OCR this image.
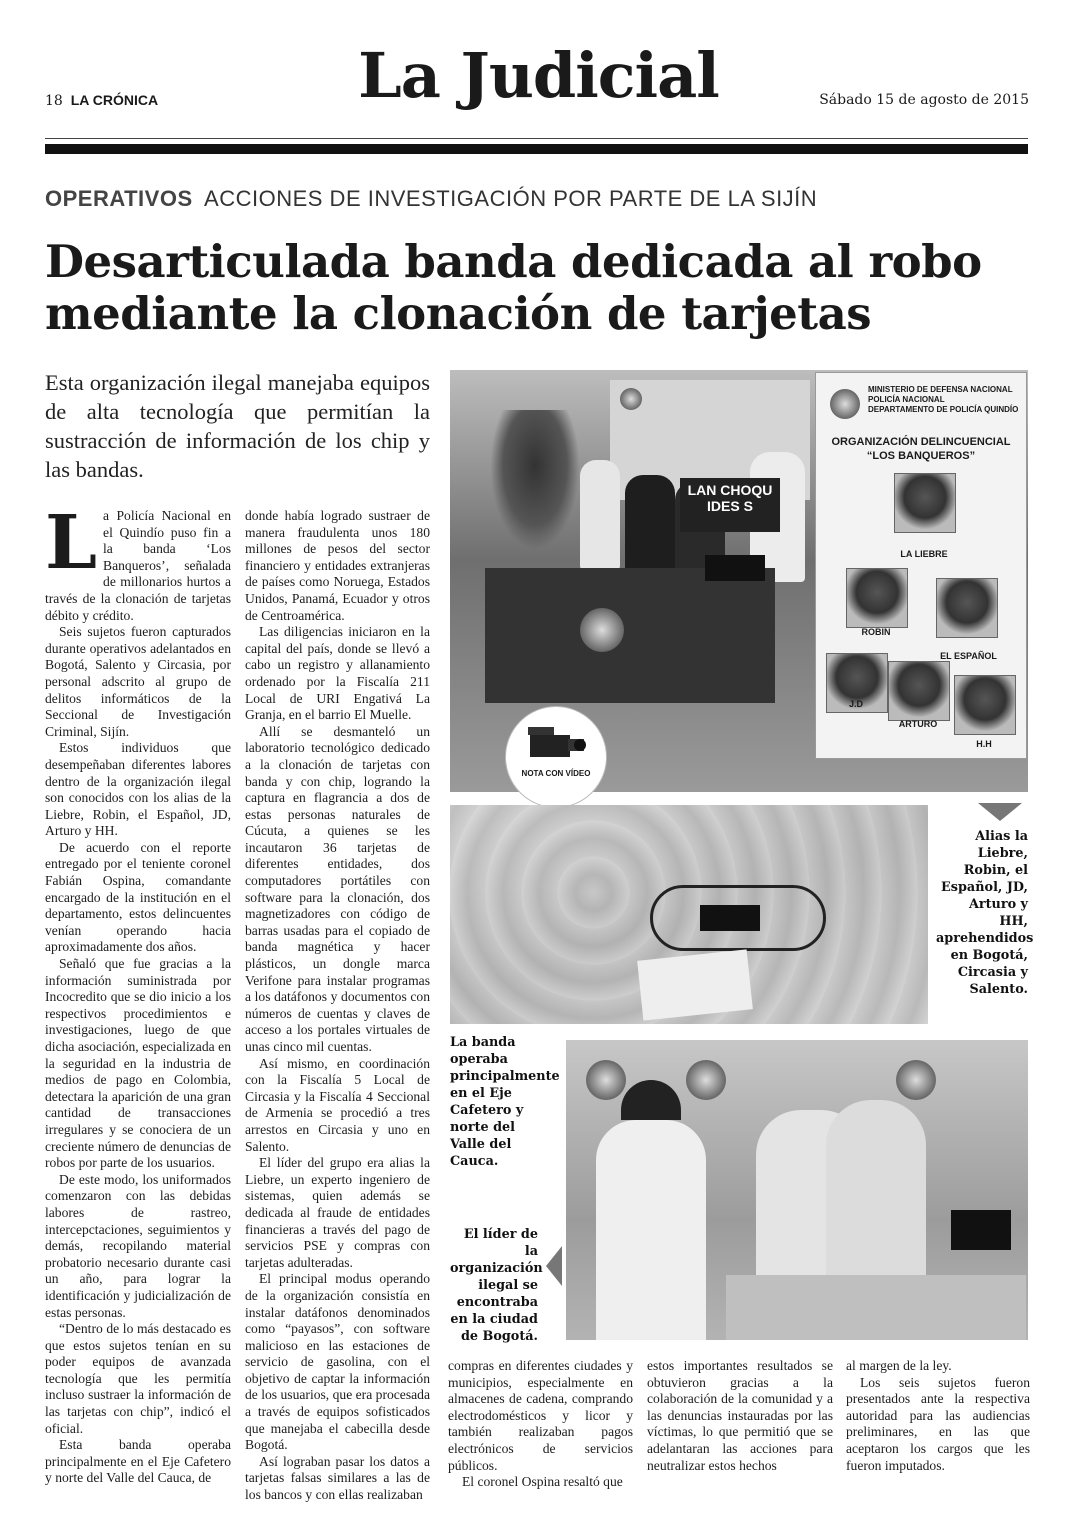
18 LA CRÓNICA	La Judicial	Sábado 15 de agosto de 2015
OPERATIVOS ACCIONES DE INVESTIGACIÓN POR PARTE DE LA SIJÍN
Desarticulada banda dedicada al robo
mediante la clonación de tarjetas
Esta organización ilegal manejaba equipos de alta tecnología que permitían la sustracción de información de los chip y las bandas.
L a Policía Nacional en el Quindío puso fin a la banda ‘Los Banqueros’, señalada de millonarios hurtos a través de la clonación de tarjetas débito y crédito.

Seis sujetos fueron capturados durante operativos adelantados en Bogotá, Salento y Circasia, por personal adscrito al grupo de delitos informáticos de la Seccional de Investigación Criminal, Sijín.

Estos individuos que desempeñaban diferentes labores dentro de la organización ilegal son conocidos con los alias de la Liebre, Robin, el Español, JD, Arturo y HH.

De acuerdo con el reporte entregado por el teniente coronel Fabián Ospina, comandante encargado de la institución en el departamento, estos delincuentes venían operando hacia aproximadamente dos años.

Señaló que fue gracias a la información suministrada por Incocredito que se dio inicio a los respectivos procedimientos e investigaciones, luego de que dicha asociación, especializada en la seguridad en la industria de medios de pago en Colombia, detectara la aparición de una gran cantidad de transacciones irregulares y se conociera de un creciente número de denuncias de robos por parte de los usuarios.

De este modo, los uniformados comenzaron con las debidas labores de rastreo, intercepctaciones, seguimientos y demás, recopilando material probatorio necesario durante casi un año, para lograr la identificación y judicialización de estas personas.

“Dentro de lo más destacado es que estos sujetos tenían en su poder equipos de avanzada tecnología que les permitía incluso sustraer la información de las tarjetas con chip”, indicó el oficial.

Esta banda operaba principalmente en el Eje Cafetero y norte del Valle del Cauca, de

donde había logrado sustraer de manera fraudulenta unos 180 millones de pesos del sector financiero y entidades extranjeras de países como Noruega, Estados Unidos, Panamá, Ecuador y otros de Centroamérica.

Las diligencias iniciaron en la capital del país, donde se llevó a cabo un registro y allanamiento ordenado por la Fiscalía 211 Local de URI Engativá La Granja, en el barrio El Muelle.

Allí se desmanteló un laboratorio tecnológico dedicado a la clonación de tarjetas con banda y con chip, logrando la captura en flagrancia a dos de estas personas naturales de Cúcuta, a quienes se les incautaron 36 tarjetas de diferentes entidades, dos computadores portátiles con software para la clonación, dos magnetizadores con código de barras usadas para el copiado de banda magnética y hacer plásticos, un dongle marca Verifone para instalar programas a los datáfonos y documentos con números de cuentas y claves de acceso a los portales virtuales de unas cinco mil cuentas.

Así mismo, en coordinación con la Fiscalía 5 Local de Circasia y la Fiscalía 4 Seccional de Armenia se procedió a tres arrestos en Circasia y uno en Salento.

El líder del grupo era alias la Liebre, un experto ingeniero de sistemas, quien además se dedicada al fraude de entidades financieras a través del pago de servicios PSE y compras con tarjetas adulteradas.

El principal modus operando de la organización consistía en instalar datáfonos denominados como “payasos”, con software malicioso en las estaciones de servicio de gasolina, con el objetivo de captar la información de los usuarios, que era procesada a través de equipos sofisticados que manejaba el cabecilla desde Bogotá.

Así lograban pasar los datos a tarjetas falsas similares a las de los bancos y con ellas realizaban

compras en diferentes ciudades y municipios, especialmente en almacenes de cadena, comprando electrodomésticos y licor y también realizaban pagos electrónicos de servicios públicos.

El coronel Ospina resaltó que

estos importantes resultados se obtuvieron gracias a la colaboración de la comunidad y a las denuncias instauradas por las víctimas, lo que permitió que se adelantaran las acciones para neutralizar estos hechos

al margen de la ley.

Los seis sujetos fueron presentados ante la respectiva autoridad para las audiencias preliminares, en las que aceptaron los cargos que les fueron imputados.

LAN CHOQU
IDES S
MINISTERIO DE DEFENSA NACIONAL
POLICÍA NACIONAL
DEPARTAMENTO DE POLICÍA QUINDÍO
ORGANIZACIÓN DELINCUENCIAL
“LOS BANQUEROS”
LA LIEBRE
ROBIN
EL ESPAÑOL
J.D
ARTURO
H.H
NOTA CON VÍDEO
Alias la Liebre, Robin, el Español, JD, Arturo y HH, aprehendidos en Bogotá, Circasia y Salento.
La banda operaba principalmente en el Eje Cafetero y norte del Valle del Cauca.
El líder de la organización ilegal se encontraba en la ciudad de Bogotá.
